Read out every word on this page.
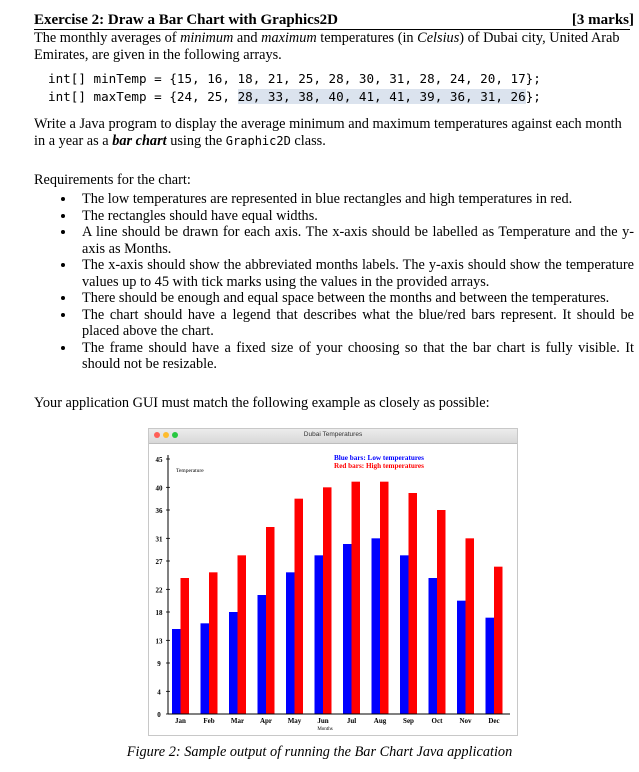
Exercise 2: Draw a Bar Chart with Graphics2D	[3 marks]

The monthly averages of minimum and maximum temperatures (in Celsius) of Dubai city, United Arab Emirates, are given in the following arrays.

int[] minTemp = {15, 16, 18, 21, 25, 28, 30, 31, 28, 24, 20, 17};
int[] maxTemp = {24, 25, 28, 33, 38, 40, 41, 41, 39, 36, 31, 26};

Write a Java program to display the average minimum and maximum temperatures against each month in a year as a bar chart using the Graphic2D class.

Requirements for the chart:

• The low temperatures are represented in blue rectangles and high temperatures in red.
• The rectangles should have equal widths.
• A line should be drawn for each axis. The x-axis should be labelled as Temperature and the y-axis as Months.
• The x-axis should show the abbreviated months labels. The y-axis should show the temperature values up to 45 with tick marks using the values in the provided arrays.
• There should be enough and equal space between the months and between the temperatures.
• The chart should have a legend that describes what the blue/red bars represent. It should be placed above the chart.
• The frame should have a fixed size of your choosing so that the bar chart is fully visible. It should not be resizable.

Your application GUI must match the following example as closely as possible:

Dubai Temperatures
0
4
9
13
18
22
27
31
36
40
45
Jan Feb Mar Apr May Jun	Jul	Aug Sep	Oct Nov Dec
Temperature
Months
Blue bars: Low temperatures
Red bars: High temperatures
Figure 2: Sample output of running the Bar Chart Java application
